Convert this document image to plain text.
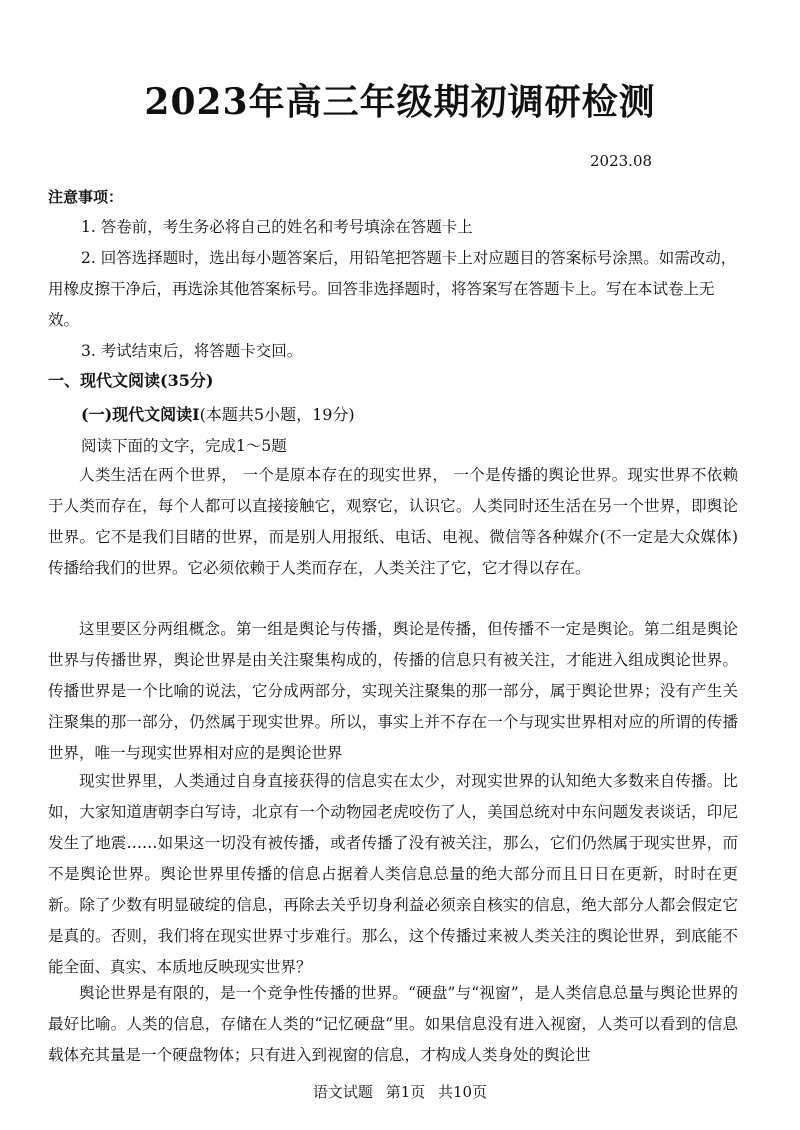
2023年高三年级期初调研检测
2023.08
注意事项：
1. 答卷前，考生务必将自己的姓名和考号填涂在答题卡上
2. 回答选择题时，选出每小题答案后，用铅笔把答题卡上对应题目的答案标号涂黑。如需改动，用橡皮擦干净后，再选涂其他答案标号。回答非选择题时，将答案写在答题卡上。写在本试卷上无效。
3. 考试结束后，将答题卡交回。
一、现代文阅读(35分)
(一)现代文阅读I(本题共5小题，19分)
阅读下面的文字，完成1～5题
人类生活在两个世界， 一个是原本存在的现实世界， 一个是传播的舆论世界。现实世界不依赖于人类而存在，每个人都可以直接接触它，观察它，认识它。人类同时还生活在另一个世界，即舆论世界。它不是我们目睹的世界，而是别人用报纸、电话、电视、微信等各种媒介(不一定是大众媒体)传播给我们的世界。它必须依赖于人类而存在，人类关注了它，它才得以存在。
这里要区分两组概念。第一组是舆论与传播，舆论是传播，但传播不一定是舆论。第二组是舆论世界与传播世界，舆论世界是由关注聚集构成的，传播的信息只有被关注，才能进入组成舆论世界。传播世界是一个比喻的说法，它分成两部分，实现关注聚集的那一部分，属于舆论世界；没有产生关注聚集的那一部分，仍然属于现实世界。所以，事实上并不存在一个与现实世界相对应的所谓的传播世界，唯一与现实世界相对应的是舆论世界
现实世界里，人类通过自身直接获得的信息实在太少，对现实世界的认知绝大多数来自传播。比如，大家知道唐朝李白写诗，北京有一个动物园老虎咬伤了人，美国总统对中东问题发表谈话，印尼发生了地震……如果这一切没有被传播，或者传播了没有被关注，那么，它们仍然属于现实世界，而不是舆论世界。舆论世界里传播的信息占据着人类信息总量的绝大部分而且日日在更新，时时在更新。除了少数有明显破绽的信息，再除去关乎切身利益必须亲自核实的信息，绝大部分人都会假定它是真的。否则，我们将在现实世界寸步难行。那么，这个传播过来被人类关注的舆论世界，到底能不能全面、真实、本质地反映现实世界？
舆论世界是有限的，是一个竞争性传播的世界。“硬盘”与“视窗”，是人类信息总量与舆论世界的最好比喻。人类的信息，存储在人类的“记忆硬盘”里。如果信息没有进入视窗，人类可以看到的信息载体充其量是一个硬盘物体；只有进入到视窗的信息，才构成人类身处的舆论世
语文试题 第1页 共10页
